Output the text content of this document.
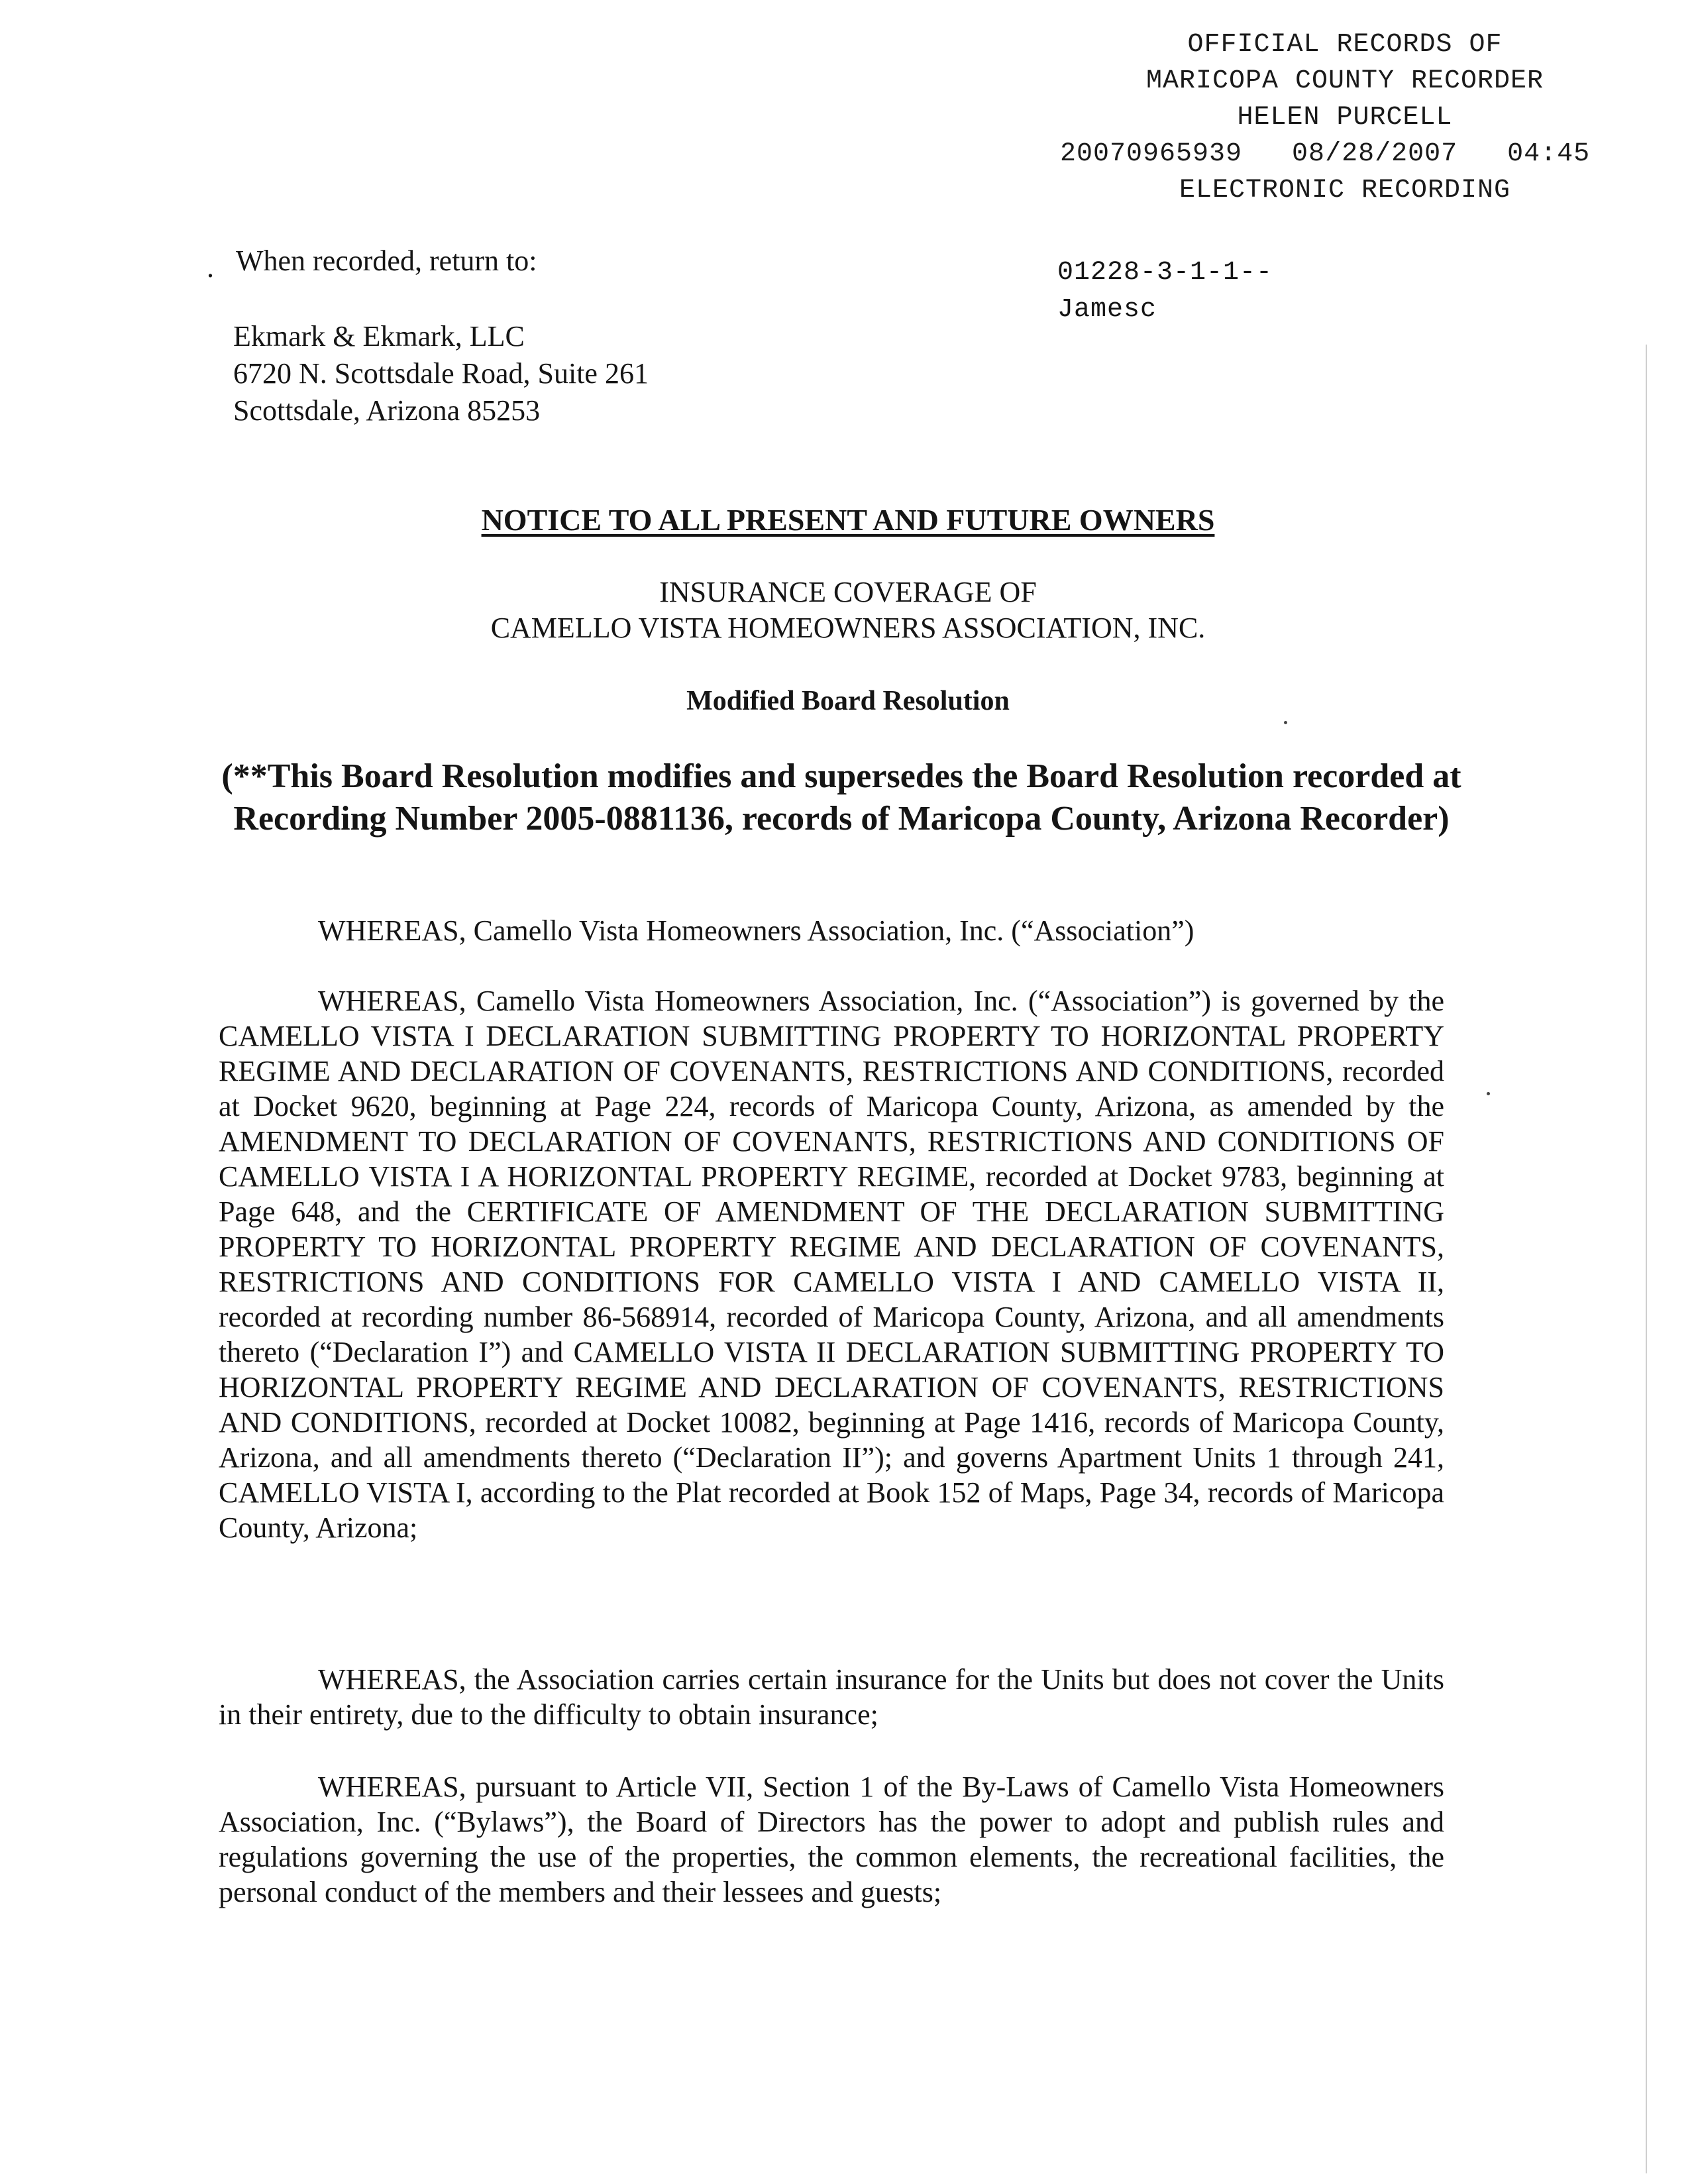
OFFICIAL RECORDS OF
MARICOPA COUNTY RECORDER
HELEN PURCELL
20070965939   08/28/2007   04:45
ELECTRONIC RECORDING
. When recorded, return to:	01228-3-1-1--
Jamesc
Ekmark & Ekmark, LLC
6720 N. Scottsdale Road, Suite 261
Scottsdale, Arizona 85253
NOTICE TO ALL PRESENT AND FUTURE OWNERS
INSURANCE COVERAGE OF
CAMELLO VISTA HOMEOWNERS ASSOCIATION, INC.
Modified Board Resolution
(**This Board Resolution modifies and supersedes the Board Resolution recorded at Recording Number 2005-0881136, records of Maricopa County, Arizona Recorder)
WHEREAS, Camello Vista Homeowners Association, Inc. (“Association”)
WHEREAS, Camello Vista Homeowners Association, Inc. (“Association”) is governed by the CAMELLO VISTA I DECLARATION SUBMITTING PROPERTY TO HORIZONTAL PROPERTY REGIME AND DECLARATION OF COVENANTS, RESTRICTIONS AND CONDITIONS, recorded at Docket 9620, beginning at Page 224, records of Maricopa County, Arizona, as amended by the AMENDMENT TO DECLARATION OF COVENANTS, RESTRICTIONS AND CONDITIONS OF CAMELLO VISTA I A HORIZONTAL PROPERTY REGIME, recorded at Docket 9783, beginning at Page 648, and the CERTIFICATE OF AMENDMENT OF THE DECLARATION SUBMITTING PROPERTY TO HORIZONTAL PROPERTY REGIME AND DECLARATION OF COVENANTS, RESTRICTIONS AND CONDITIONS FOR CAMELLO VISTA I AND CAMELLO VISTA II, recorded at recording number 86-568914, recorded of Maricopa County, Arizona, and all amendments thereto (“Declaration I”) and CAMELLO VISTA II DECLARATION SUBMITTING PROPERTY TO HORIZONTAL PROPERTY REGIME AND DECLARATION OF COVENANTS, RESTRICTIONS AND CONDITIONS, recorded at Docket 10082, beginning at Page 1416, records of Maricopa County, Arizona, and all amendments thereto (“Declaration II”); and governs Apartment Units 1 through 241, CAMELLO VISTA I, according to the Plat recorded at Book 152 of Maps, Page 34, records of Maricopa County, Arizona;
WHEREAS, the Association carries certain insurance for the Units but does not cover the Units in their entirety, due to the difficulty to obtain insurance;
WHEREAS, pursuant to Article VII, Section 1 of the By-Laws of Camello Vista Homeowners Association, Inc. (“Bylaws”), the Board of Directors has the power to adopt and publish rules and regulations governing the use of the properties, the common elements, the recreational facilities, the personal conduct of the members and their lessees and guests;
